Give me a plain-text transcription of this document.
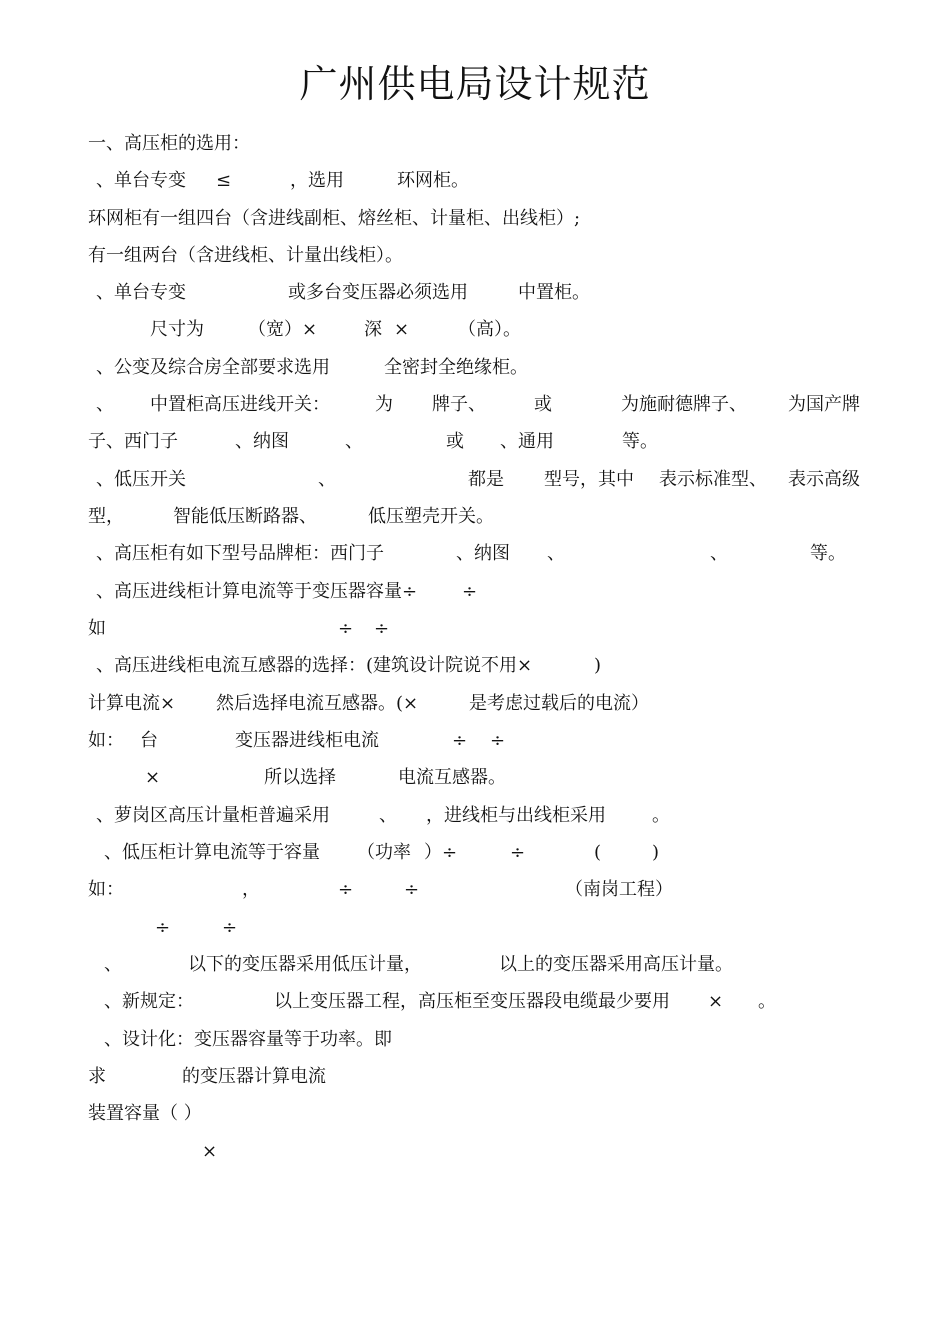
广州供电局设计规范
一、高压柜的选用：
、单台专变 ≤	，选用	环网柜。
环网柜有一组四台（含进线副柜、熔丝柜、计量柜、出线柜）;
有一组两台（含进线柜、计量出线柜）。
、单台专变	或多台变压器必须选用	中置柜。
尺寸为 （宽）×	深 ×	（高）。
、公变及综合房全部要求选用	全密封全绝缘柜。
、 中置柜高压进线开关：	为 牌子、	或	为施耐德牌子、 为国产牌
子、西门子	、纳图	、	或 、通用	等。
、低压开关	、	都是 型号，其中 表示标准型、 表示高级
型，	智能低压断路器、	低压塑壳开关。
、高压柜有如下型号品牌柜：西门子	、纳图 、	、	等。
、高压进线柜计算电流等于变压器容量÷ ÷
如	÷ ÷
、高压进线柜电流互感器的选择：(建筑设计院说不用×	)
计算电流× 然后选择电流互感器。(×	是考虑过载后的电流）
如： 台	变压器进线柜电流	÷ ÷
×	所以选择	电流互感器。
、萝岗区高压计量柜普遍采用	、 ，进线柜与出线柜采用	。
、低压柜计算电流等于容量 （功率 ）÷	÷	(	)
如：	，	÷	÷	（南岗工程）
÷	÷
、	以下的变压器采用低压计量，	以上的变压器采用高压计量。
、新规定：	以上变压器工程，高压柜至变压器段电缆最少要用 × 。
、设计化：变压器容量等于功率。即
求	的变压器计算电流
装置容量（ ）
×
